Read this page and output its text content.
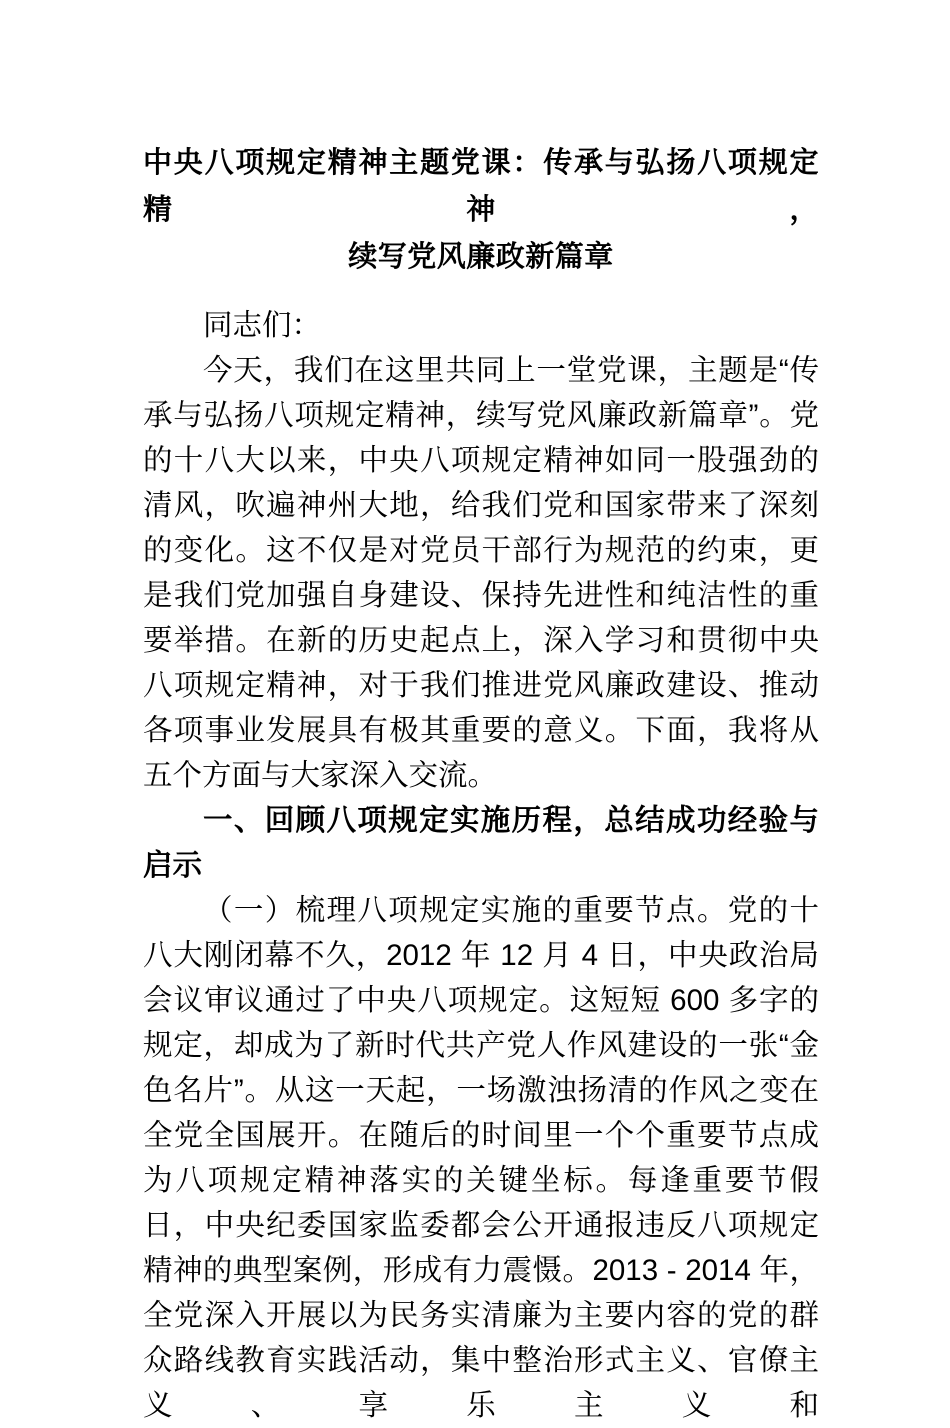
中央八项规定精神主题党课：传承与弘扬八项规定精神，
续写党风廉政新篇章

同志们：

今天，我们在这里共同上一堂党课，主题是“传承与弘扬八项规定精神，续写党风廉政新篇章”。党的十八大以来，中央八项规定精神如同一股强劲的清风，吹遍神州大地，给我们党和国家带来了深刻的变化。这不仅是对党员干部行为规范的约束，更是我们党加强自身建设、保持先进性和纯洁性的重要举措。在新的历史起点上，深入学习和贯彻中央八项规定精神，对于我们推进党风廉政建设、推动各项事业发展具有极其重要的意义。下面，我将从五个方面与大家深入交流。

一、回顾八项规定实施历程，总结成功经验与启示

（一）梳理八项规定实施的重要节点。党的十八大刚闭幕不久，2012 年 12 月 4 日，中央政治局会议审议通过了中央八项规定。这短短 600 多字的规定，却成为了新时代共产党人作风建设的一张“金色名片”。从这一天起，一场激浊扬清的作风之变在全党全国展开。在随后的时间里一个个重要节点成为八项规定精神落实的关键坐标。每逢重要节假日，中央纪委国家监委都会公开通报违反八项规定精神的典型案例，形成有力震慑。2013 - 2014 年，全党深入开展以为民务实清廉为主要内容的党的群众路线教育实践活动，集中整治形式主义、官僚主义、享乐主义和
